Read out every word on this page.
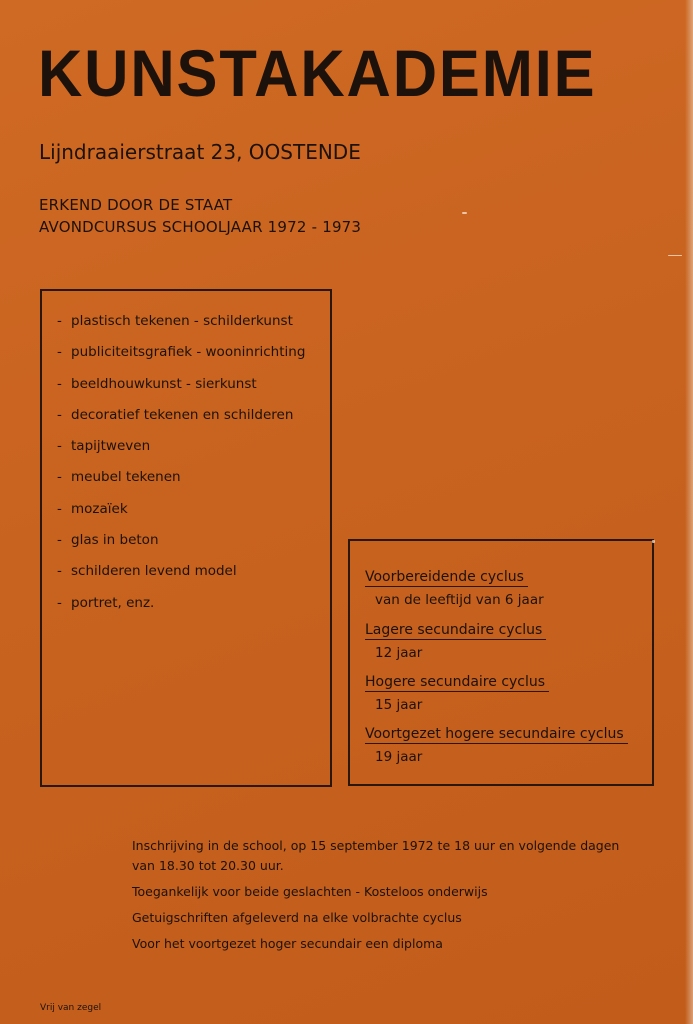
KUNSTAKADEMIE
Lijndraaierstraat 23, OOSTENDE
ERKEND DOOR DE STAAT
AVONDCURSUS SCHOOLJAAR 1972 - 1973
- plastisch tekenen - schilderkunst
- publiciteitsgrafiek - wooninrichting
- beeldhouwkunst - sierkunst
- decoratief tekenen en schilderen
- tapijtweven
- meubel tekenen
- mozaïek
- glas in beton
- schilderen levend model
- portret, enz.
Voorbereidende cyclus
van de leeftijd van 6 jaar
Lagere secundaire cyclus
12 jaar
Hogere secundaire cyclus
15 jaar
Voortgezet hogere secundaire cyclus
19 jaar

Inschrijving in de school, op 15 september 1972 te 18 uur en volgende dagen

van 18.30 tot 20.30 uur.

Toegankelijk voor beide geslachten - Kosteloos onderwijs

Getuigschriften afgeleverd na elke volbrachte cyclus

Voor het voortgezet hoger secundair een diploma

Vrij van zegel
